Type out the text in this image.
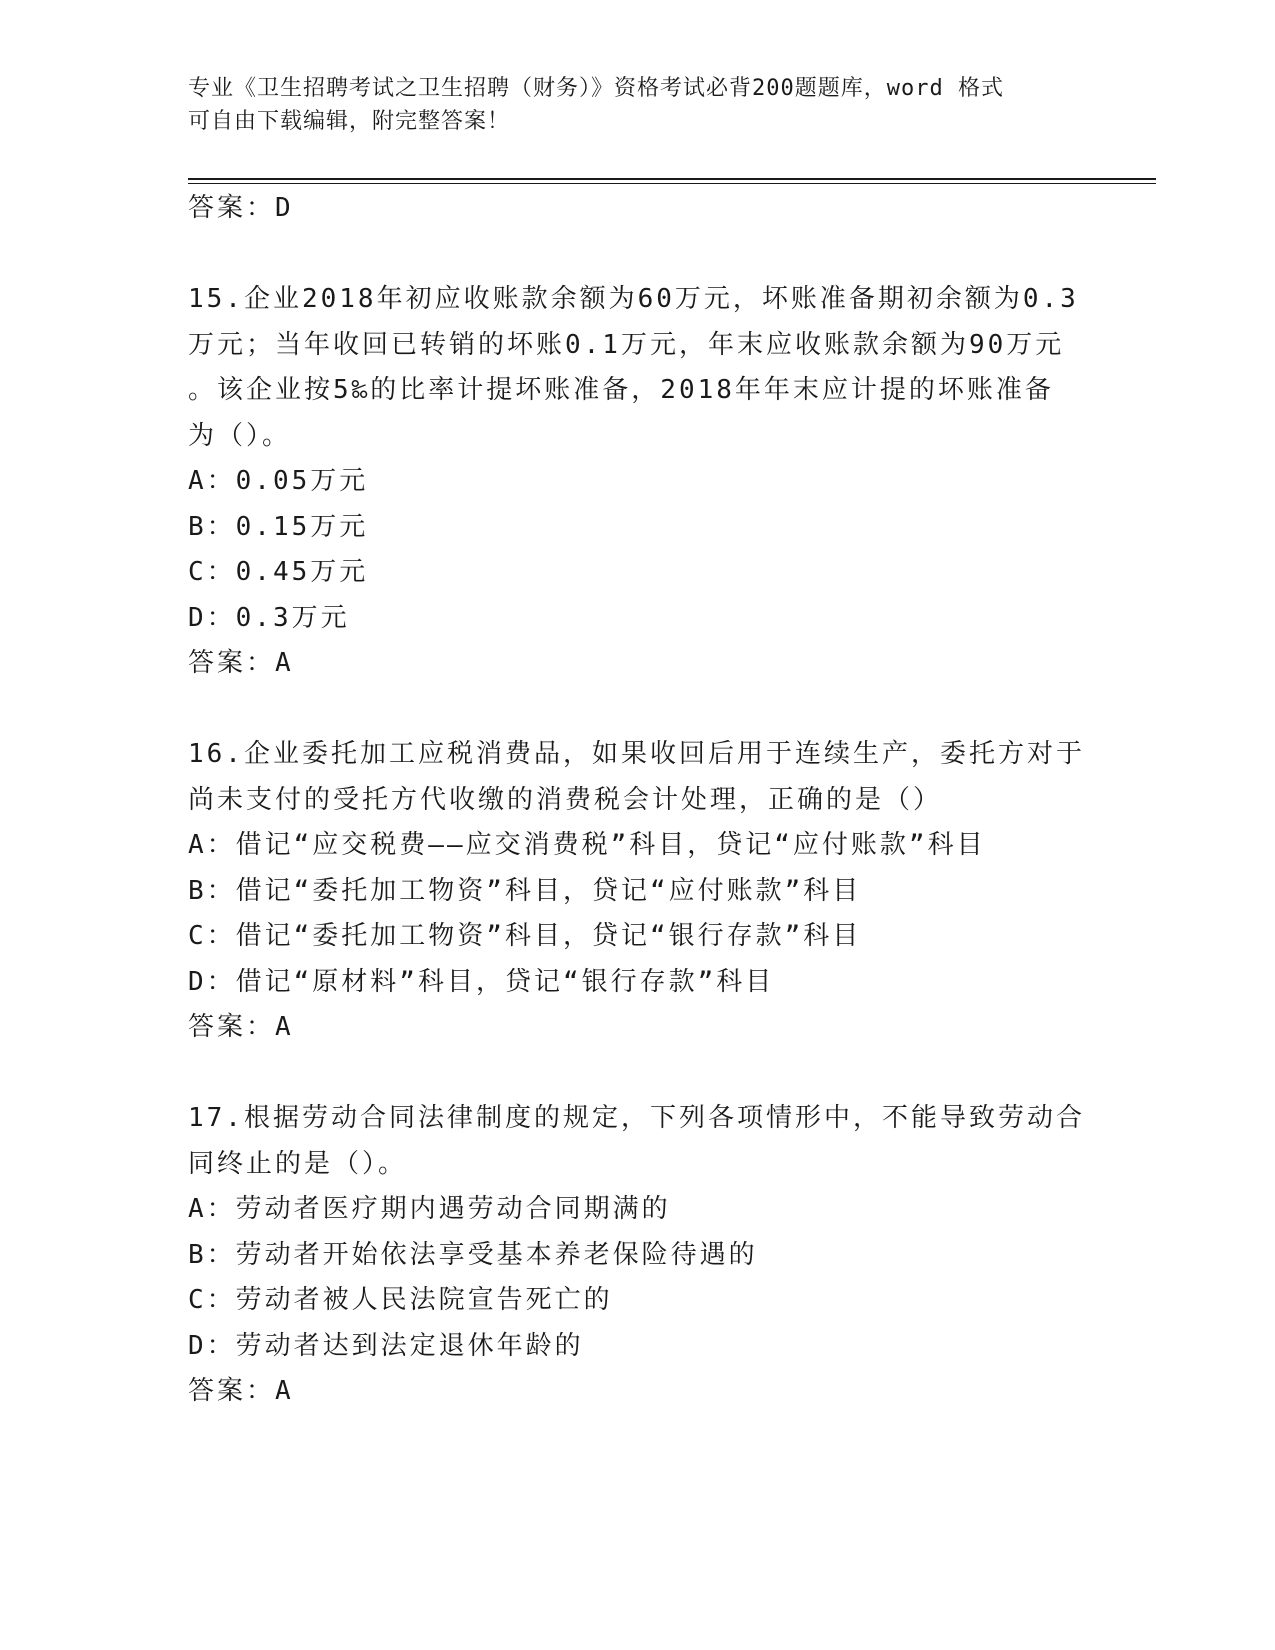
专业《卫生招聘考试之卫生招聘（财务）》资格考试必背200题题库，word 格式
可自由下载编辑，附完整答案！

答案：D

15.企业2018年初应收账款余额为60万元，坏账准备期初余额为0.3

万元；当年收回已转销的坏账0.1万元，年末应收账款余额为90万元

。该企业按5‰的比率计提坏账准备，2018年年末应计提的坏账准备

为（）。

A：0.05万元

B：0.15万元

C：0.45万元

D：0.3万元

答案：A

16.企业委托加工应税消费品，如果收回后用于连续生产，委托方对于

尚未支付的受托方代收缴的消费税会计处理，正确的是（）

A：借记“应交税费——应交消费税”科目，贷记“应付账款”科目

B：借记“委托加工物资”科目，贷记“应付账款”科目

C：借记“委托加工物资”科目，贷记“银行存款”科目

D：借记“原材料”科目，贷记“银行存款”科目

答案：A

17.根据劳动合同法律制度的规定，下列各项情形中，不能导致劳动合

同终止的是（）。

A：劳动者医疗期内遇劳动合同期满的

B：劳动者开始依法享受基本养老保险待遇的

C：劳动者被人民法院宣告死亡的

D：劳动者达到法定退休年龄的

答案：A
